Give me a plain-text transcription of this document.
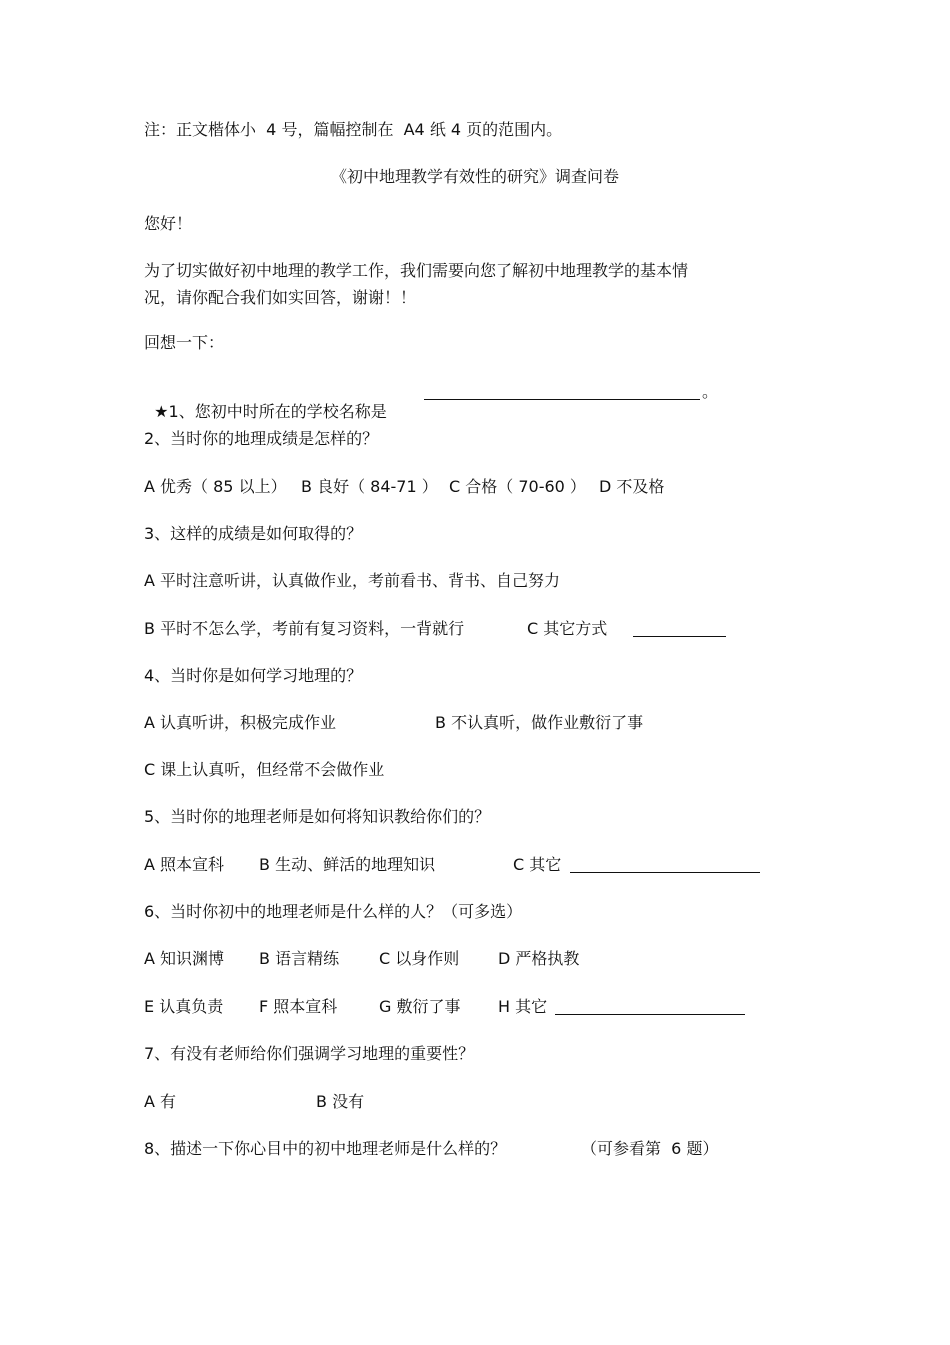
注：正文楷体小  4 号，篇幅控制在  A4 纸 4 页的范围内。

《初中地理教学有效性的研究》调查问卷

您好！

为了切实做好初中地理的教学工作，我们需要向您了解初中地理教学的基本情

况，请你配合我们如实回答，谢谢！！

回想一下：

★1、您初中时所在的学校名称是

。

2、当时你的地理成绩是怎样的？

A 优秀（ 85 以上） B 良好（ 84-71 ） C 合格（ 70-60 ） D 不及格

3、这样的成绩是如何取得的？

A 平时注意听讲，认真做作业，考前看书、背书、自己努力

B 平时不怎么学，考前有复习资料，一背就行	C 其它方式

4、当时你是如何学习地理的？

A 认真听讲，积极完成作业	B 不认真听，做作业敷衍了事

C 课上认真听，但经常不会做作业

5、当时你的地理老师是如何将知识教给你们的？

A 照本宣科 B 生动、鲜活的地理知识	C 其它

6、当时你初中的地理老师是什么样的人？（可多选）

A 知识渊博 B 语言精练 C 以身作则 D 严格执教
E 认真负责 F 照本宣科	G 敷衍了事 H 其它

7、有没有老师给你们强调学习地理的重要性？

A 有	B 没有
8、描述一下你心目中的初中地理老师是什么样的？	（可参看第  6 题）
